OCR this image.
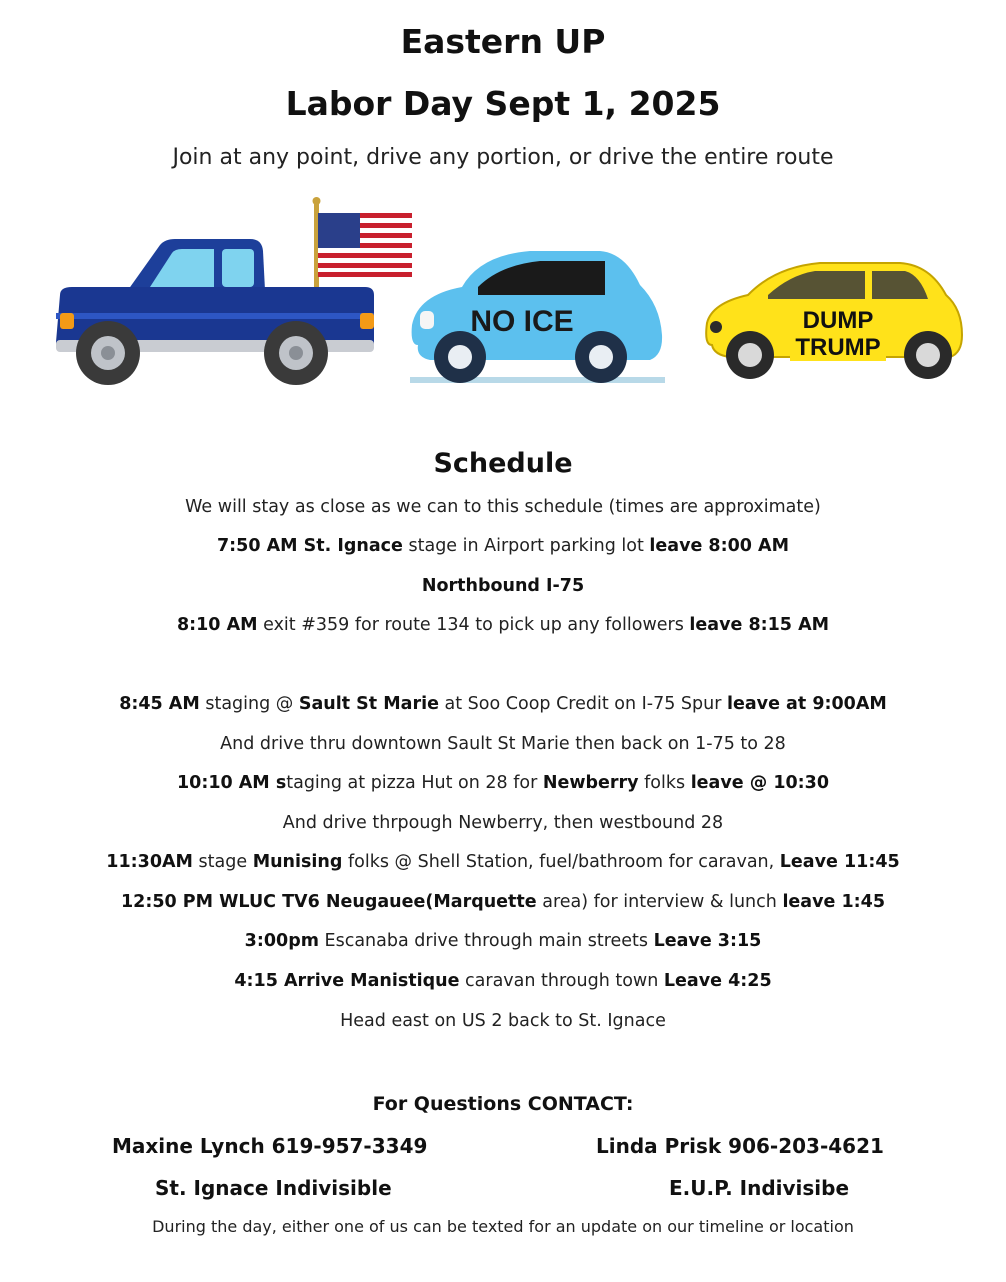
Eastern UP
Labor Day Sept 1, 2025
Join at any point, drive any portion, or drive the entire route
NO ICE	DUMP
TRUMP
Schedule
We will stay as close as we can to this schedule (times are approximate)
7:50 AM St. Ignace stage in Airport parking lot leave 8:00 AM
Northbound I-75
8:10 AM exit #359 for route 134 to pick up any followers leave 8:15 AM
8:45 AM staging @ Sault St Marie at Soo Coop Credit on I-75 Spur leave at 9:00AM
And drive thru downtown Sault St Marie then back on 1-75 to 28
10:10 AM staging at pizza Hut on 28 for Newberry folks leave @ 10:30
And drive thrpough Newberry, then westbound 28
11:30AM stage Munising folks @ Shell Station, fuel/bathroom for caravan, Leave 11:45
12:50 PM WLUC TV6 Neugauee(Marquette area) for interview & lunch leave 1:45
3:00pm Escanaba drive through main streets Leave 3:15
4:15 Arrive Manistique caravan through town Leave 4:25
Head east on US 2 back to St. Ignace
For Questions CONTACT:
Maxine Lynch 619-957-3349	Linda Prisk 906-203-4621
St. Ignace Indivisible	E.U.P. Indivisibe
During the day, either one of us can be texted for an update on our timeline or location
